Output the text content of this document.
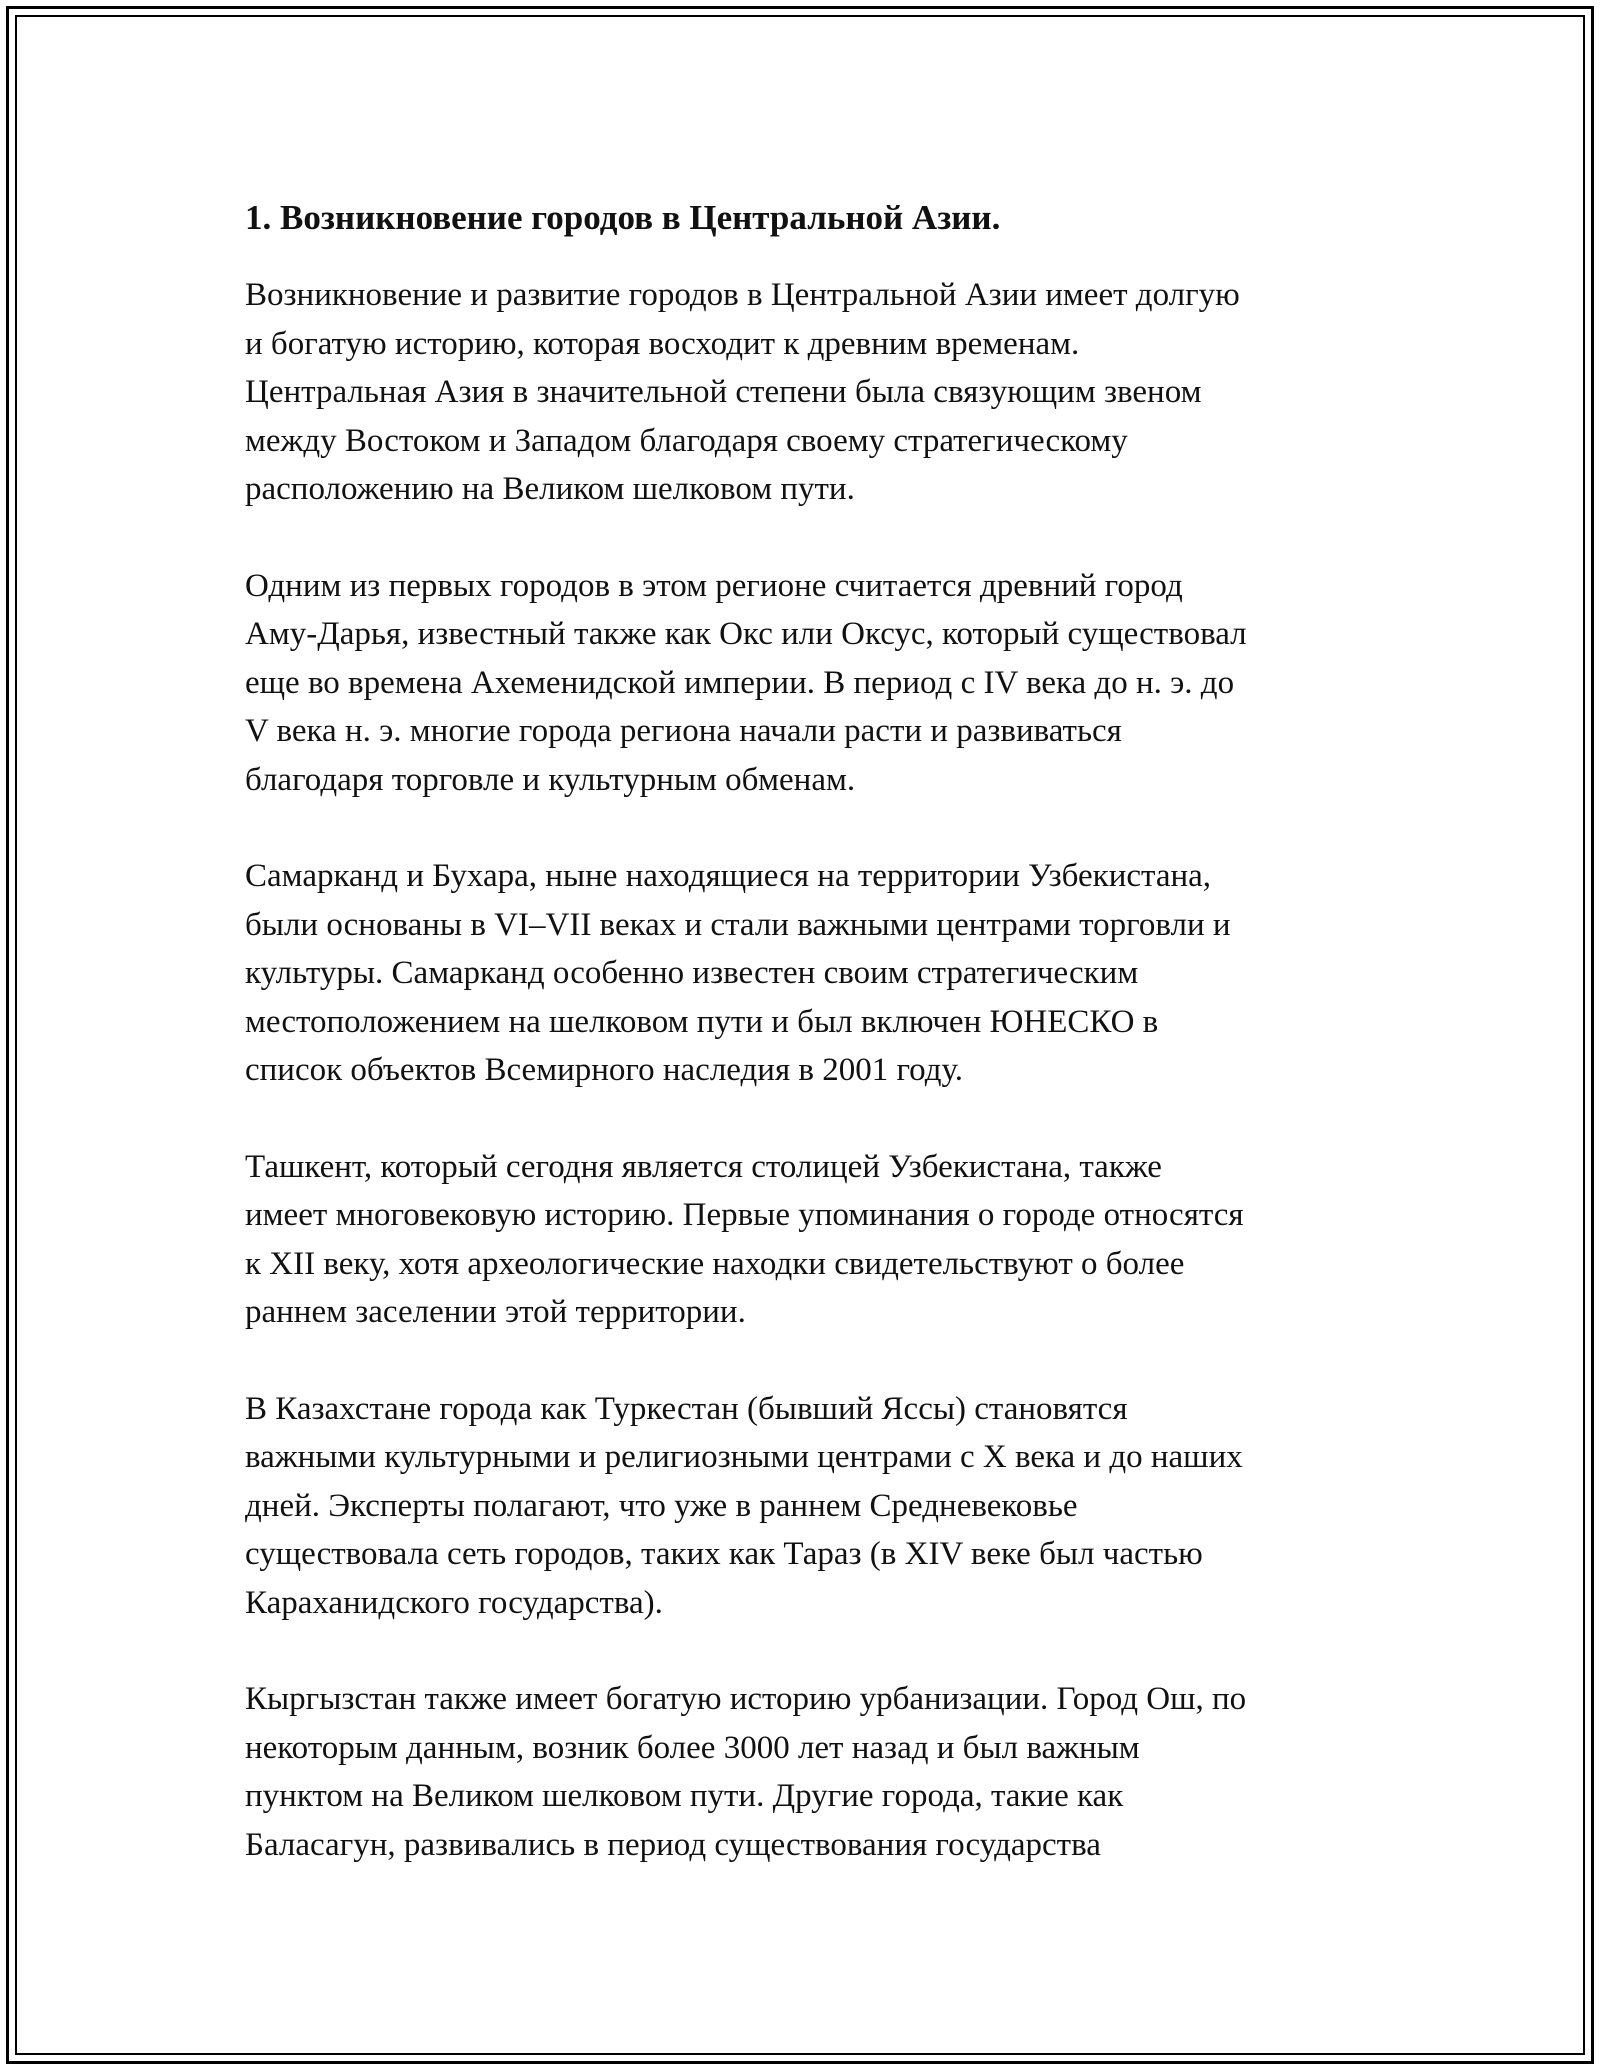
1. Возникновение городов в Центральной Азии.

Возникновение и развитие городов в Центральной Азии имеет долгую
и богатую историю, которая восходит к древним временам.
Центральная Азия в значительной степени была связующим звеном
между Востоком и Западом благодаря своему стратегическому
расположению на Великом шелковом пути.

Одним из первых городов в этом регионе считается древний город
Аму-Дарья, известный также как Окс или Оксус, который существовал
еще во времена Ахеменидской империи. В период с IV века до н. э. до
V века н. э. многие города региона начали расти и развиваться
благодаря торговле и культурным обменам.

Самарканд и Бухара, ныне находящиеся на территории Узбекистана,
были основаны в VI–VII веках и стали важными центрами торговли и
культуры. Самарканд особенно известен своим стратегическим
местоположением на шелковом пути и был включен ЮНЕСКО в
список объектов Всемирного наследия в 2001 году.

Ташкент, который сегодня является столицей Узбекистана, также
имеет многовековую историю. Первые упоминания о городе относятся
к XII веку, хотя археологические находки свидетельствуют о более
раннем заселении этой территории.

В Казахстане города как Туркестан (бывший Яссы) становятся
важными культурными и религиозными центрами с X века и до наших
дней. Эксперты полагают, что уже в раннем Средневековье
существовала сеть городов, таких как Тараз (в XIV веке был частью
Караханидского государства).

Кыргызстан также имеет богатую историю урбанизации. Город Ош, по
некоторым данным, возник более 3000 лет назад и был важным
пунктом на Великом шелковом пути. Другие города, такие как
Баласагун, развивались в период существования государства
